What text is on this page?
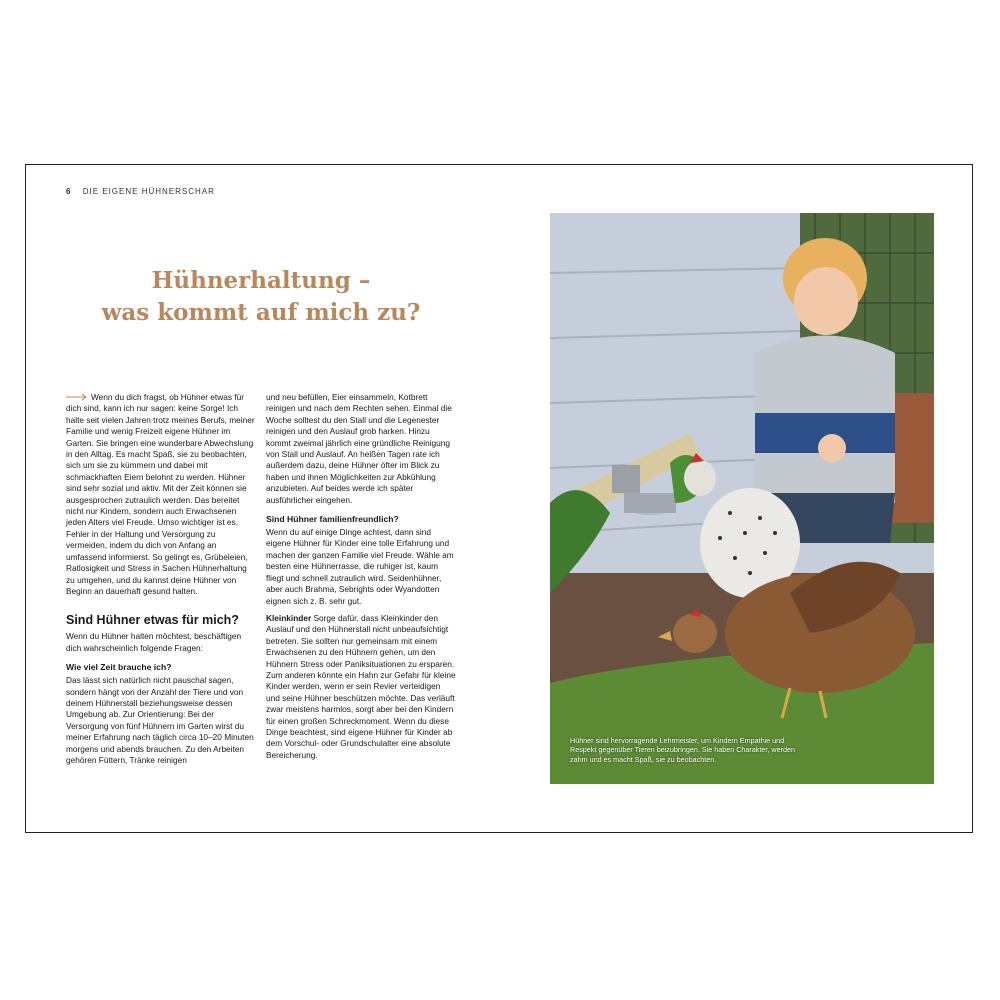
6 DIE EIGENE HÜHNERSCHAR
Hühnerhaltung –
was kommt auf mich zu?

Wenn du dich fragst, ob Hühner etwas für dich sind, kann ich nur sagen: keine Sorge! Ich halte seit vielen Jahren trotz meines Berufs, meiner Familie und wenig Freizeit eigene Hühner im Garten. Sie bringen eine wunderbare Abwechslung in den Alltag. Es macht Spaß, sie zu beobachten, sich um sie zu kümmern und dabei mit schmackhaften Eiern belohnt zu werden. Hühner sind sehr sozial und aktiv. Mit der Zeit können sie ausgesprochen zutraulich werden. Das bereitet nicht nur Kindern, sondern auch Erwachsenen jeden Alters viel Freude. Umso wichtiger ist es, Fehler in der Haltung und Versorgung zu vermeiden, indem du dich von Anfang an umfassend informierst. So gelingt es, Grübeleien, Ratlosigkeit und Stress in Sachen Hühnerhaltung zu umgehen, und du kannst deine Hühner von Beginn an dauerhaft gesund halten.

Sind Hühner etwas für mich?

Wenn du Hühner halten möchtest, beschäftigen dich wahrscheinlich folgende Fragen:

Wie viel Zeit brauche ich?

Das lässt sich natürlich nicht pauschal sagen, sondern hängt von der Anzahl der Tiere und von deinem Hühnerstall beziehungsweise dessen Umgebung ab. Zur Orientierung: Bei der Versorgung von fünf Hühnern im Garten wirst du meiner Erfahrung nach täglich circa 10–20 Minuten morgens und abends brauchen. Zu den Arbeiten gehören Füttern, Tränke reinigen

und neu befüllen, Eier einsammeln, Kotbrett reinigen und nach dem Rechten sehen. Einmal die Woche solltest du den Stall und die Legenester reinigen und den Auslauf grob harken. Hinzu kommt zweimal jährlich eine gründliche Reinigung von Stall und Auslauf. An heißen Tagen rate ich außerdem dazu, deine Hühner öfter im Blick zu haben und ihnen Möglichkeiten zur Abkühlung anzubieten. Auf beides werde ich später ausführlicher eingehen.

Sind Hühner familienfreundlich?

Wenn du auf einige Dinge achtest, dann sind eigene Hühner für Kinder eine tolle Erfahrung und machen der ganzen Familie viel Freude. Wähle am besten eine Hühnerrasse, die ruhiger ist, kaum fliegt und schnell zutraulich wird. Seidenhühner, aber auch Brahma, Sebrights oder Wyandotten eignen sich z. B. sehr gut.

Kleinkinder Sorge dafür, dass Kleinkinder den Auslauf und den Hühnerstall nicht unbeaufsichtigt betreten. Sie sollten nur gemeinsam mit einem Erwachsenen zu den Hühnern gehen, um den Hühnern Stress oder Paniksituationen zu ersparen. Zum anderen könnte ein Hahn zur Gefahr für kleine Kinder werden, wenn er sein Revier verteidigen und seine Hühner beschützen möchte. Das verläuft zwar meistens harmlos, sorgt aber bei den Kindern für einen großen Schreckmoment. Wenn du diese Dinge beachtest, sind eigene Hühner für Kinder ab dem Vorschul- oder Grundschulalter eine absolute Bereicherung.

Hühner sind hervorragende Lehrmeister, um Kindern Empathie und Respekt gegenüber Tieren beizubringen. Sie haben Charakter, werden zahm und es macht Spaß, sie zu beobachten.
